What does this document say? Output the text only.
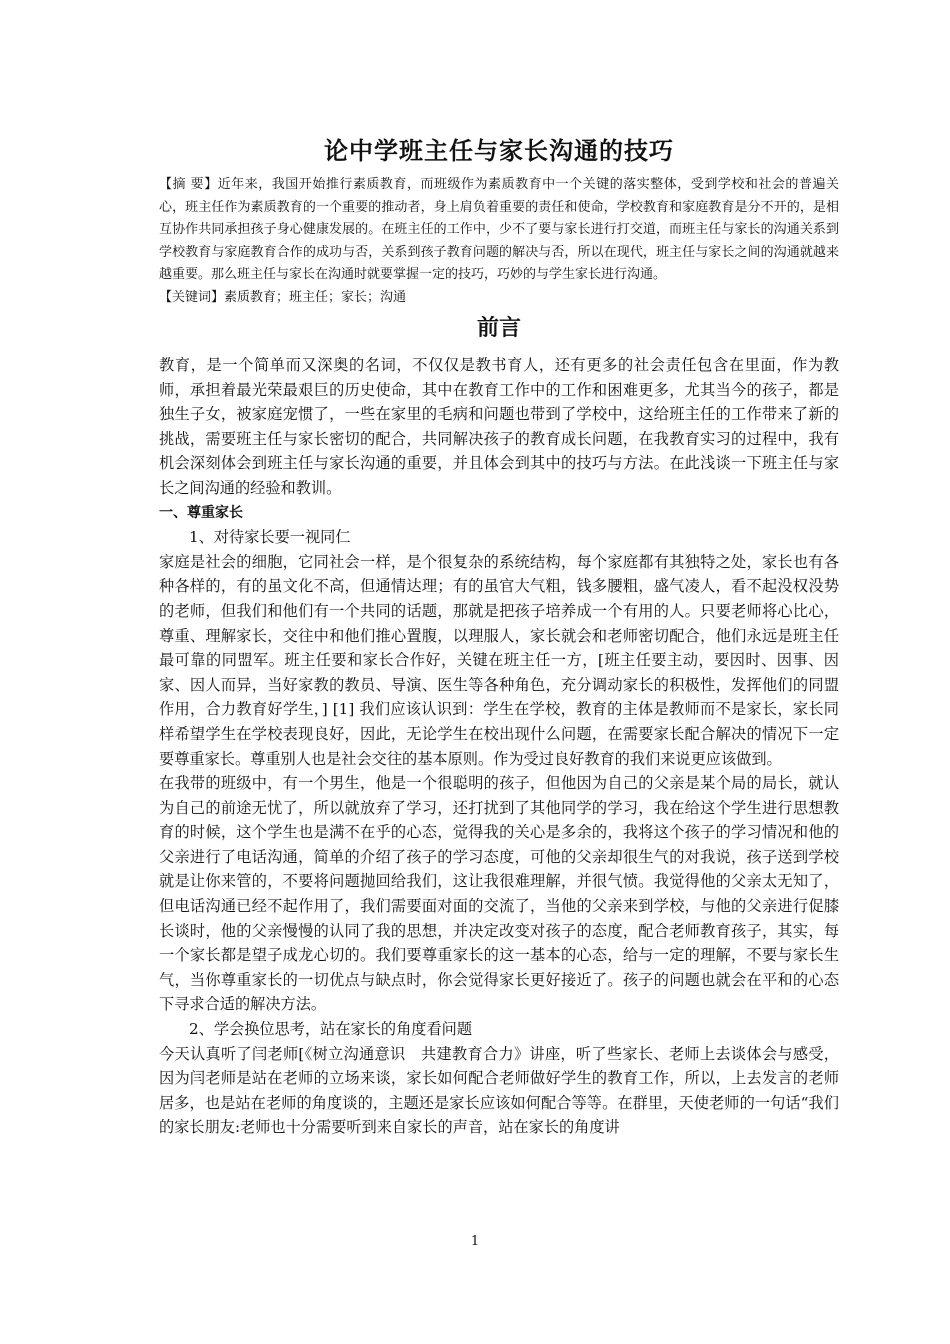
论中学班主任与家长沟通的技巧

【摘 要】近年来，我国开始推行素质教育，而班级作为素质教育中一个关键的落实整体，受到学校和社会的普遍关心，班主任作为素质教育的一个重要的推动者，身上肩负着重要的责任和使命，学校教育和家庭教育是分不开的，是相互协作共同承担孩子身心健康发展的。在班主任的工作中，少不了要与家长进行打交道，而班主任与家长的沟通关系到学校教育与家庭教育合作的成功与否，关系到孩子教育问题的解决与否，所以在现代，班主任与家长之间的沟通就越来越重要。那么班主任与家长在沟通时就要掌握一定的技巧，巧妙的与学生家长进行沟通。

【关键词】素质教育；班主任；家长；沟通

前言

教育，是一个简单而又深奥的名词，不仅仅是教书育人，还有更多的社会责任包含在里面，作为教师，承担着最光荣最艰巨的历史使命，其中在教育工作中的工作和困难更多，尤其当今的孩子，都是独生子女，被家庭宠惯了，一些在家里的毛病和问题也带到了学校中，这给班主任的工作带来了新的挑战，需要班主任与家长密切的配合，共同解决孩子的教育成长问题，在我教育实习的过程中，我有机会深刻体会到班主任与家长沟通的重要，并且体会到其中的技巧与方法。在此浅谈一下班主任与家长之间沟通的经验和教训。

一、尊重家长

1、对待家长要一视同仁

家庭是社会的细胞，它同社会一样，是个很复杂的系统结构，每个家庭都有其独特之处，家长也有各种各样的，有的虽文化不高，但通情达理；有的虽官大气粗，钱多腰粗，盛气凌人，看不起没权没势的老师，但我们和他们有一个共同的话题，那就是把孩子培养成一个有用的人。只要老师将心比心，尊重、理解家长，交往中和他们推心置腹，以理服人，家长就会和老师密切配合，他们永远是班主任最可靠的同盟军。班主任要和家长合作好，关键在班主任一方，[班主任要主动，要因时、因事、因家、因人而异，当好家教的教员、导演、医生等各种角色，充分调动家长的积极性，发挥他们的同盟作用，合力教育好学生，] [1] 我们应该认识到：学生在学校，教育的主体是教师而不是家长，家长同样希望学生在学校表现良好，因此，无论学生在校出现什么问题，在需要家长配合解决的情况下一定要尊重家长。尊重别人也是社会交往的基本原则。作为受过良好教育的我们来说更应该做到。

在我带的班级中，有一个男生，他是一个很聪明的孩子，但他因为自己的父亲是某个局的局长，就认为自己的前途无忧了，所以就放弃了学习，还打扰到了其他同学的学习，我在给这个学生进行思想教育的时候，这个学生也是满不在乎的心态，觉得我的关心是多余的，我将这个孩子的学习情况和他的父亲进行了电话沟通，简单的介绍了孩子的学习态度，可他的父亲却很生气的对我说，孩子送到学校就是让你来管的，不要将问题抛回给我们，这让我很难理解，并很气愤。我觉得他的父亲太无知了，但电话沟通已经不起作用了，我们需要面对面的交流了，当他的父亲来到学校，与他的父亲进行促膝长谈时，他的父亲慢慢的认同了我的思想，并决定改变对孩子的态度，配合老师教育孩子，其实，每一个家长都是望子成龙心切的。我们要尊重家长的这一基本的心态，给与一定的理解，不要与家长生气，当你尊重家长的一切优点与缺点时，你会觉得家长更好接近了。孩子的问题也就会在平和的心态下寻求合适的解决方法。

2、学会换位思考，站在家长的角度看问题

今天认真听了闫老师[《树立沟通意识　共建教育合力》讲座，听了些家长、老师上去谈体会与感受，因为闫老师是站在老师的立场来谈，家长如何配合老师做好学生的教育工作，所以，上去发言的老师居多，也是站在老师的角度谈的，主题还是家长应该如何配合等等。在群里，天使老师的一句话“我们的家长朋友:老师也十分需要听到来自家长的声音，站在家长的角度讲

1
